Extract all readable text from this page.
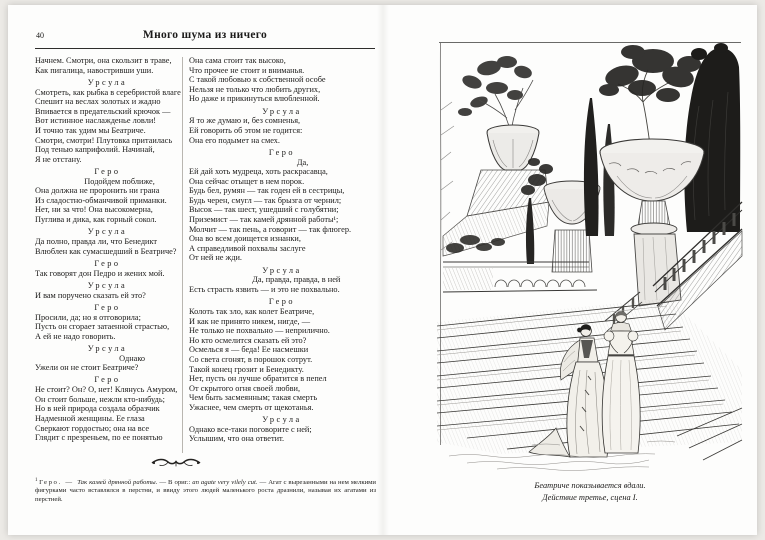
40	Много шума из ничего
Начнем. Смотри, она скользит в траве,
Как пигалица, навостривши уши.
Урсула
Смотреть, как рыбка в серебристой влаге
Спешит на веслах золотых и жадно
Впивается в предательский крючок —
Вот истинное наслажденье ловли!
И точно так удим мы Беатриче.
Смотри, смотри! Плутовка притаилась
Под тенью каприфолий. Начинай,
Я не отстану.
Геро
Подойдем поближе,
Она должна не проронить ни грана
Из сладостно-обманчивой приманки.
Нет, ни за что! Она высокомерна,
Пуглива и дика, как горный сокол.
Урсула
Да полно, правда ли, что Бенедикт
Влюблен как сумасшедший в Беатриче?
Геро
Так говорят дон Педро и жених мой.
Урсула
И вам поручено сказать ей это?
Геро
Просили, да; но я отговорила;
Пусть он сгорает затаенной страстью,
А ей не надо говорить.
Урсула
Однако
Ужели он не стоит Беатриче?
Геро
Не стоит? Он? О, нет! Клянусь Амуром,
Он стоит больше, нежли кто-нибудь;
Но в ней природа создала образчик
Надменной женщины. Ее глаза
Сверкают гордостью; она на все
Глядит с презреньем, по ее понятью
Она сама стоит так высоко,
Что прочее не стоит и вниманья.
С такой любовью к собственной особе
Нельзя не только что любить других,
Но даже и прикинуться влюбленной.
Урсула
Я то же думаю и, без сомненья,
Ей говорить об этом не годится:
Она его подымет на смех.
Геро
Да,
Ей дай хоть мудреца, хоть раскрасавца,
Она сейчас отыщет в нем порок.
Будь бел, румян — так годен ей в сестрицы,
Будь черен, смугл — так брызга от чернил;
Высок — так шест, ушедший с голубятни;
Приземист — так камей дрянной работы¹;
Молчит — так пень, а говорит — так флюгер.
Она во всем доищется изнанки,
А справедливой похвалы заслуге
От ней не жди.
Урсула
Да, правда, правда, в ней
Есть страсть язвить — и это не похвально.
Геро
Колоть так зло, как колет Беатриче,
И как не принято никем, нигде, —
Не только не похвально — неприлично.
Но кто осмелится сказать ей это?
Осмелься я — беда! Ее насмешки
Со света сгонят, в порошок сотрут.
Такой конец грозит и Бенедикту.
Нет, пусть он лучше обратится в пепел
От скрытого огня своей любви,
Чем быть засмеянным; такая смерть
Ужаснее, чем смерть от щекотанья.
Урсула
Однако все-таки поговорите с ней;
Услышим, что она ответит.
$^1$ Геро. — Так камей дрянной работы. — В ориг.: an agate very vilely cut. — Агат с вырезанными на нем мелкими фигурками часто вставлялся в перстни, и ввиду этого людей маленького роста дразнили, называя их агатами из перстней.
Беатриче показывается вдали.
Действие третье, сцена I.
